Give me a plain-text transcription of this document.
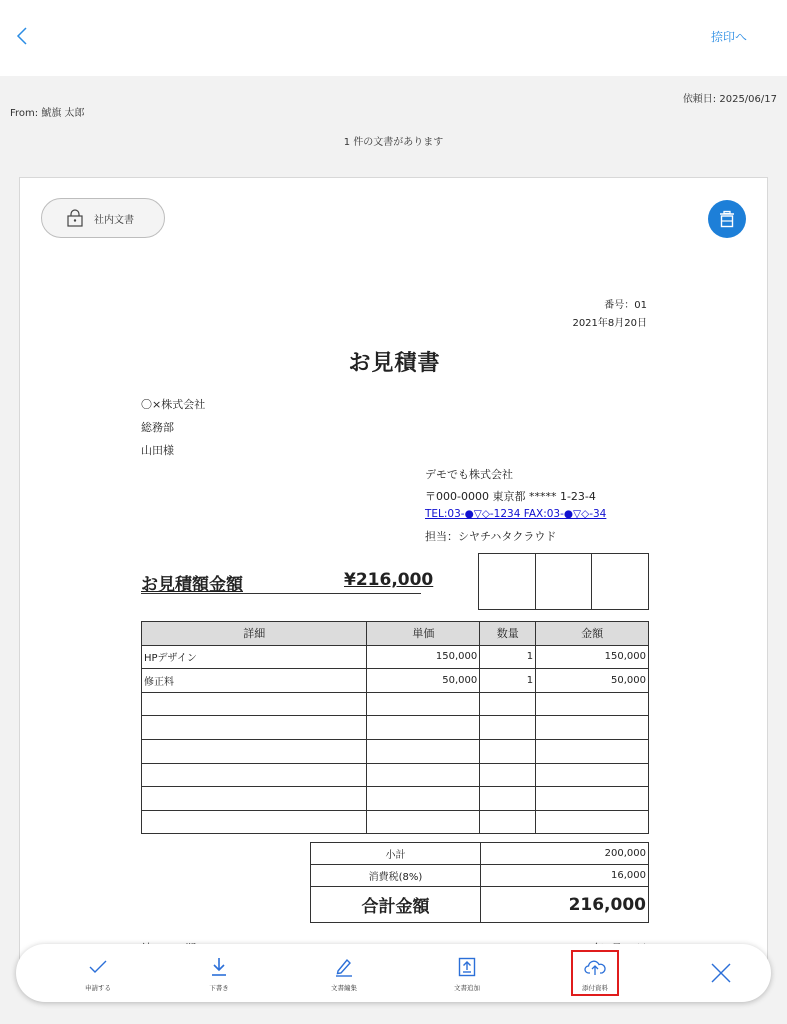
捺印へ
依頼日: 2025/06/17
From: 鯱旗 太郎
1 件の文書があります
番号：01
2021年8月20日
お見積書
〇×株式会社
総務部
山田様
デモでも株式会社
〒000-0000 東京都 ***** 1-23-4
TEL:03-●▽◇-1234 FAX:03-●▽◇-34
担当：シヤチハタクラウド
お見積額金額	¥216,000
詳細	単価	数量	金額
HPデザイン	150,000	1	150,000
修正料	50,000	1	50,000

小計	200,000
消費税(8%)	16,000
合計金額	216,000
社内文書
申請する	下書き	文書編集	文書追加	添付資料
